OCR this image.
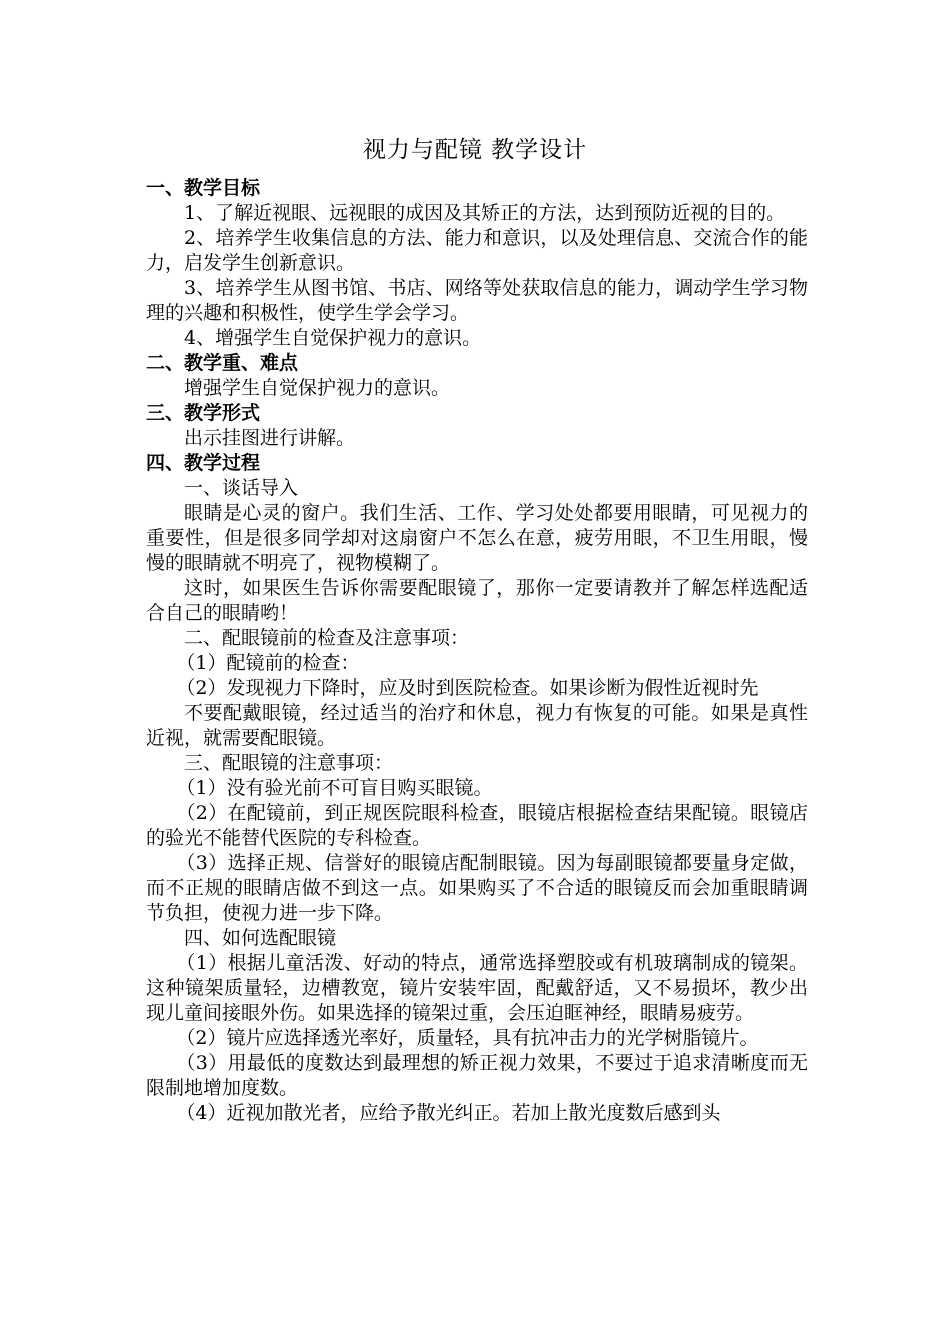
视力与配镜 教学设计
一、教学目标
1、了解近视眼、远视眼的成因及其矫正的方法，达到预防近视的目的。
2、培养学生收集信息的方法、能力和意识，以及处理信息、交流合作的能力，启发学生创新意识。
3、培养学生从图书馆、书店、网络等处获取信息的能力，调动学生学习物理的兴趣和积极性，使学生学会学习。
4、增强学生自觉保护视力的意识。
二、教学重、难点
增强学生自觉保护视力的意识。
三、教学形式
出示挂图进行讲解。
四、教学过程
一、谈话导入
眼睛是心灵的窗户。我们生活、工作、学习处处都要用眼睛，可见视力的重要性，但是很多同学却对这扇窗户不怎么在意，疲劳用眼，不卫生用眼，慢慢的眼睛就不明亮了，视物模糊了。
这时，如果医生告诉你需要配眼镜了，那你一定要请教并了解怎样选配适合自己的眼睛哟！
二、配眼镜前的检查及注意事项：
（1）配镜前的检查：
（2）发现视力下降时，应及时到医院检查。如果诊断为假性近视时先
不要配戴眼镜，经过适当的治疗和休息，视力有恢复的可能。如果是真性近视，就需要配眼镜。
三、配眼镜的注意事项：
（1）没有验光前不可盲目购买眼镜。
（2）在配镜前，到正规医院眼科检查，眼镜店根据检查结果配镜。眼镜店的验光不能替代医院的专科检查。
（3）选择正规、信誉好的眼镜店配制眼镜。因为每副眼镜都要量身定做，而不正规的眼睛店做不到这一点。如果购买了不合适的眼镜反而会加重眼睛调节负担，使视力进一步下降。
四、如何选配眼镜
（1）根据儿童活泼、好动的特点，通常选择塑胶或有机玻璃制成的镜架。这种镜架质量轻，边槽教宽，镜片安装牢固，配戴舒适，又不易损坏，教少出现儿童间接眼外伤。如果选择的镜架过重，会压迫眶神经，眼睛易疲劳。
（2）镜片应选择透光率好，质量轻，具有抗冲击力的光学树脂镜片。
（3）用最低的度数达到最理想的矫正视力效果，不要过于追求清晰度而无限制地增加度数。
（4）近视加散光者，应给予散光纠正。若加上散光度数后感到头
